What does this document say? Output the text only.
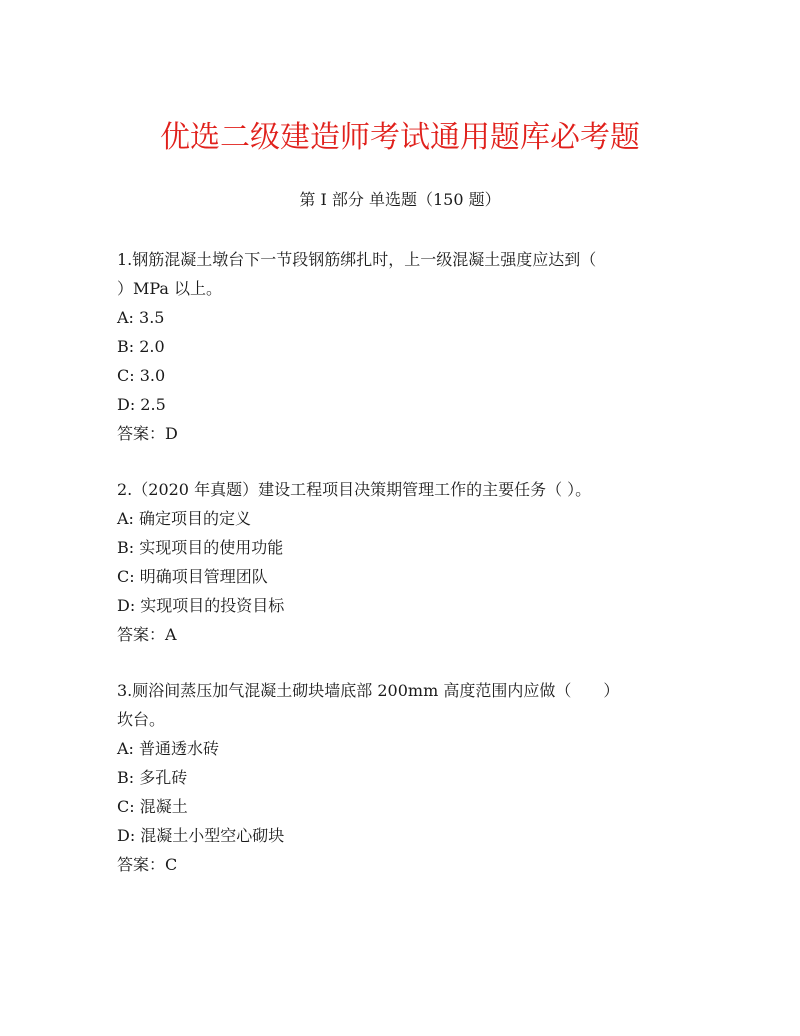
优选二级建造师考试通用题库必考题
第 I 部分 单选题（150 题）
1.钢筋混凝土墩台下一节段钢筋绑扎时，上一级混凝土强度应达到（
）MPa 以上。
A: 3.5
B: 2.0
C: 3.0
D: 2.5
答案：D
2.（2020 年真题）建设工程项目决策期管理工作的主要任务（ ）。
A: 确定项目的定义
B: 实现项目的使用功能
C: 明确项目管理团队
D: 实现项目的投资目标
答案：A
3.厕浴间蒸压加气混凝土砌块墙底部 200mm 高度范围内应做（　　）
坎台。
A: 普通透水砖
B: 多孔砖
C: 混凝土
D: 混凝土小型空心砌块
答案：C
